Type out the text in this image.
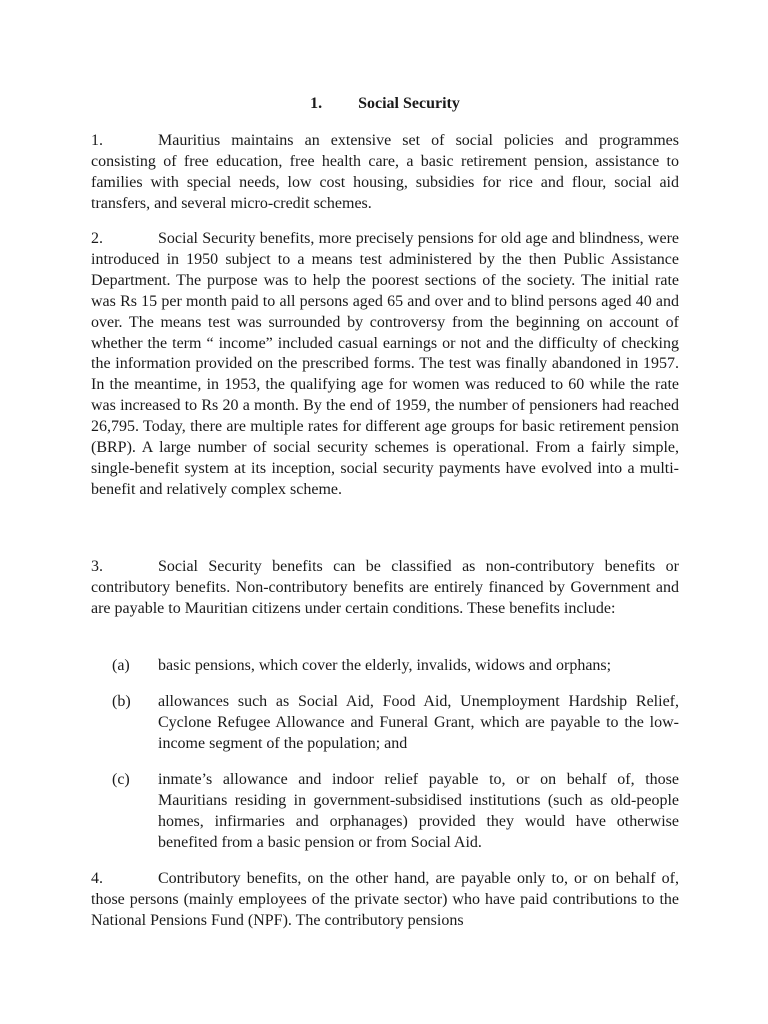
1. Social Security

1.	Mauritius maintains an extensive set of social policies and programmes consisting of free education, free health care, a basic retirement pension, assistance to families with special needs, low cost housing, subsidies for rice and flour, social aid transfers, and several micro-credit schemes.

2.	Social Security benefits, more precisely pensions for old age and blindness, were introduced in 1950 subject to a means test administered by the then Public Assistance Department. The purpose was to help the poorest sections of the society. The initial rate was Rs 15 per month paid to all persons aged 65 and over and to blind persons aged 40 and over. The means test was surrounded by controversy from the beginning on account of whether the term “ income” included casual earnings or not and the difficulty of checking the information provided on the prescribed forms. The test was finally abandoned in 1957. In the meantime, in 1953, the qualifying age for women was reduced to 60 while the rate was increased to Rs 20 a month. By the end of 1959, the number of pensioners had reached 26,795. Today, there are multiple rates for different age groups for basic retirement pension (BRP). A large number of social security schemes is operational. From a fairly simple, single-benefit system at its inception, social security payments have evolved into a multi-benefit and relatively complex scheme.

3.	Social Security benefits can be classified as non-contributory benefits or contributory benefits. Non-contributory benefits are entirely financed by Government and are payable to Mauritian citizens under certain conditions. These benefits include:

(a) basic pensions, which cover the elderly, invalids, widows and orphans;
(b) allowances such as Social Aid, Food Aid, Unemployment Hardship Relief, Cyclone Refugee Allowance and Funeral Grant, which are payable to the low-income segment of the population; and
(c) inmate’s allowance and indoor relief payable to, or on behalf of, those Mauritians residing in government-subsidised institutions (such as old-people homes, infirmaries and orphanages) provided they would have otherwise benefited from a basic pension or from Social Aid.

4.	Contributory benefits, on the other hand, are payable only to, or on behalf of, those persons (mainly employees of the private sector) who have paid contributions to the National Pensions Fund (NPF). The contributory pensions
